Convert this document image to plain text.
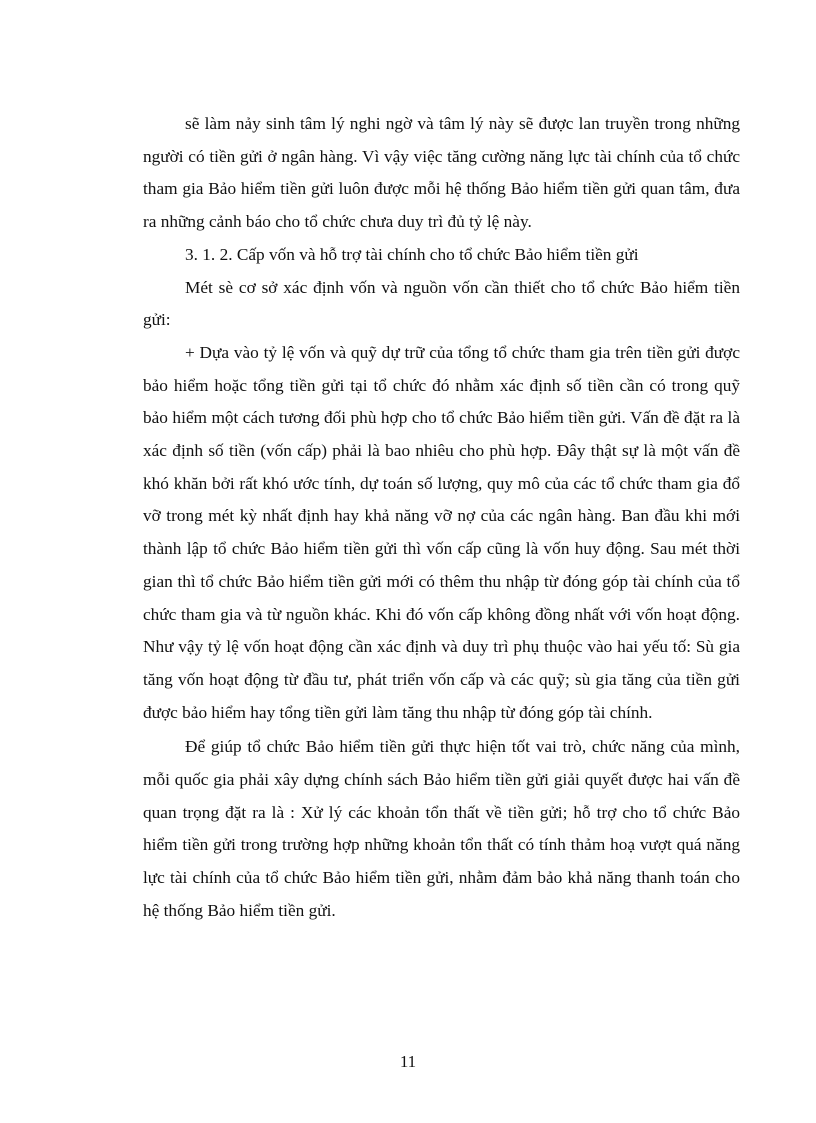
sẽ làm nảy sinh tâm lý nghi ngờ và tâm lý này sẽ được lan truyền trong những người có tiền gửi ở ngân hàng. Vì vậy việc tăng cường năng lực tài chính của tổ chức tham gia Bảo hiểm tiền gửi luôn được mỗi hệ thống Bảo hiểm tiền gửi quan tâm, đưa ra những cảnh báo cho tổ chức chưa duy trì đủ tỷ lệ này.

3. 1. 2. Cấp vốn và hỗ trợ tài chính cho tổ chức Bảo hiểm tiền gửi

Mét sè cơ sở xác định vốn và nguồn vốn cần thiết cho tổ chức Bảo hiểm tiền gửi:

+ Dựa vào tỷ lệ vốn và quỹ dự trữ của tổng tổ chức tham gia trên tiền gửi được bảo hiểm hoặc tổng tiền gửi tại tổ chức đó nhằm xác định số tiền cần có trong quỹ bảo hiểm một cách tương đối phù hợp cho tổ chức Bảo hiểm tiền gửi. Vấn đề đặt ra là xác định số tiền (vốn cấp) phải là bao nhiêu cho phù hợp. Đây thật sự là một vấn đề khó khăn bởi rất khó ước tính, dự toán số lượng, quy mô của các tổ chức tham gia đổ vỡ trong mét kỳ nhất định hay khả năng vỡ nợ của các ngân hàng. Ban đầu khi mới thành lập tổ chức Bảo hiểm tiền gửi thì vốn cấp cũng là vốn huy động. Sau mét thời gian thì tổ chức Bảo hiểm tiền gửi mới có thêm thu nhập từ đóng góp tài chính của tổ chức tham gia và từ nguồn khác. Khi đó vốn cấp không đồng nhất với vốn hoạt động. Như vậy tỷ lệ vốn hoạt động cần xác định và duy trì phụ thuộc vào hai yếu tố: Sù gia tăng vốn hoạt động từ đầu tư, phát triển vốn cấp và các quỹ; sù gia tăng của tiền gửi được bảo hiểm hay tổng tiền gửi làm tăng thu nhập từ đóng góp tài chính.

Để giúp tổ chức Bảo hiểm tiền gửi thực hiện tốt vai trò, chức năng của mình, mỗi quốc gia phải xây dựng chính sách Bảo hiểm tiền gửi giải quyết được hai vấn đề quan trọng đặt ra là : Xử lý các khoản tổn thất về tiền gửi; hỗ trợ cho tổ chức Bảo hiểm tiền gửi trong trường hợp những khoản tổn thất có tính thảm hoạ vượt quá năng lực tài chính của tổ chức Bảo hiểm tiền gửi, nhằm đảm bảo khả năng thanh toán cho hệ thống Bảo hiểm tiền gửi.

11
